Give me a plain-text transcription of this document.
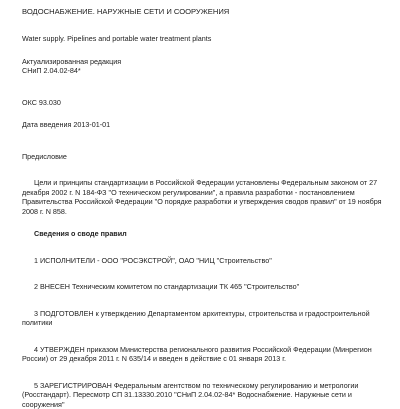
ВОДОСНАБЖЕНИЕ. НАРУЖНЫЕ СЕТИ И СООРУЖЕНИЯ

Water supply. Pipelines and portable water treatment plants

Актуализированная редакция

СНиП 2.04.02-84*

ОКС 93.030

Дата введения 2013-01-01

Предисловие

Цели и принципы стандартизации в Российской Федерации установлены Федеральным законом от 27 декабря 2002 г. N 184-ФЗ "О техническом регулировании", а правила разработки - постановлением Правительства Российской Федерации "О порядке разработки и утверждения сводов правил" от 19 ноября 2008 г. N 858.

Сведения о своде правил

1 ИСПОЛНИТЕЛИ - ООО "РОСЭКСТРОЙ", ОАО "НИЦ "Строительство"

2 ВНЕСЕН Техническим комитетом по стандартизации ТК 465 "Строительство"

3 ПОДГОТОВЛЕН к утверждению Департаментом архитектуры, строительства и градостроительной политики

4 УТВЕРЖДЕН приказом Министерства регионального развития Российской Федерации (Минрегион России) от 29 декабря 2011 г. N 635/14 и введен в действие с 01 января 2013 г.

5 ЗАРЕГИСТРИРОВАН Федеральным агентством по техническому регулированию и метрологии (Росстандарт). Пересмотр СП 31.13330.2010 "СНиП 2.04.02-84* Водоснабжение. Наружные сети и сооружения"
